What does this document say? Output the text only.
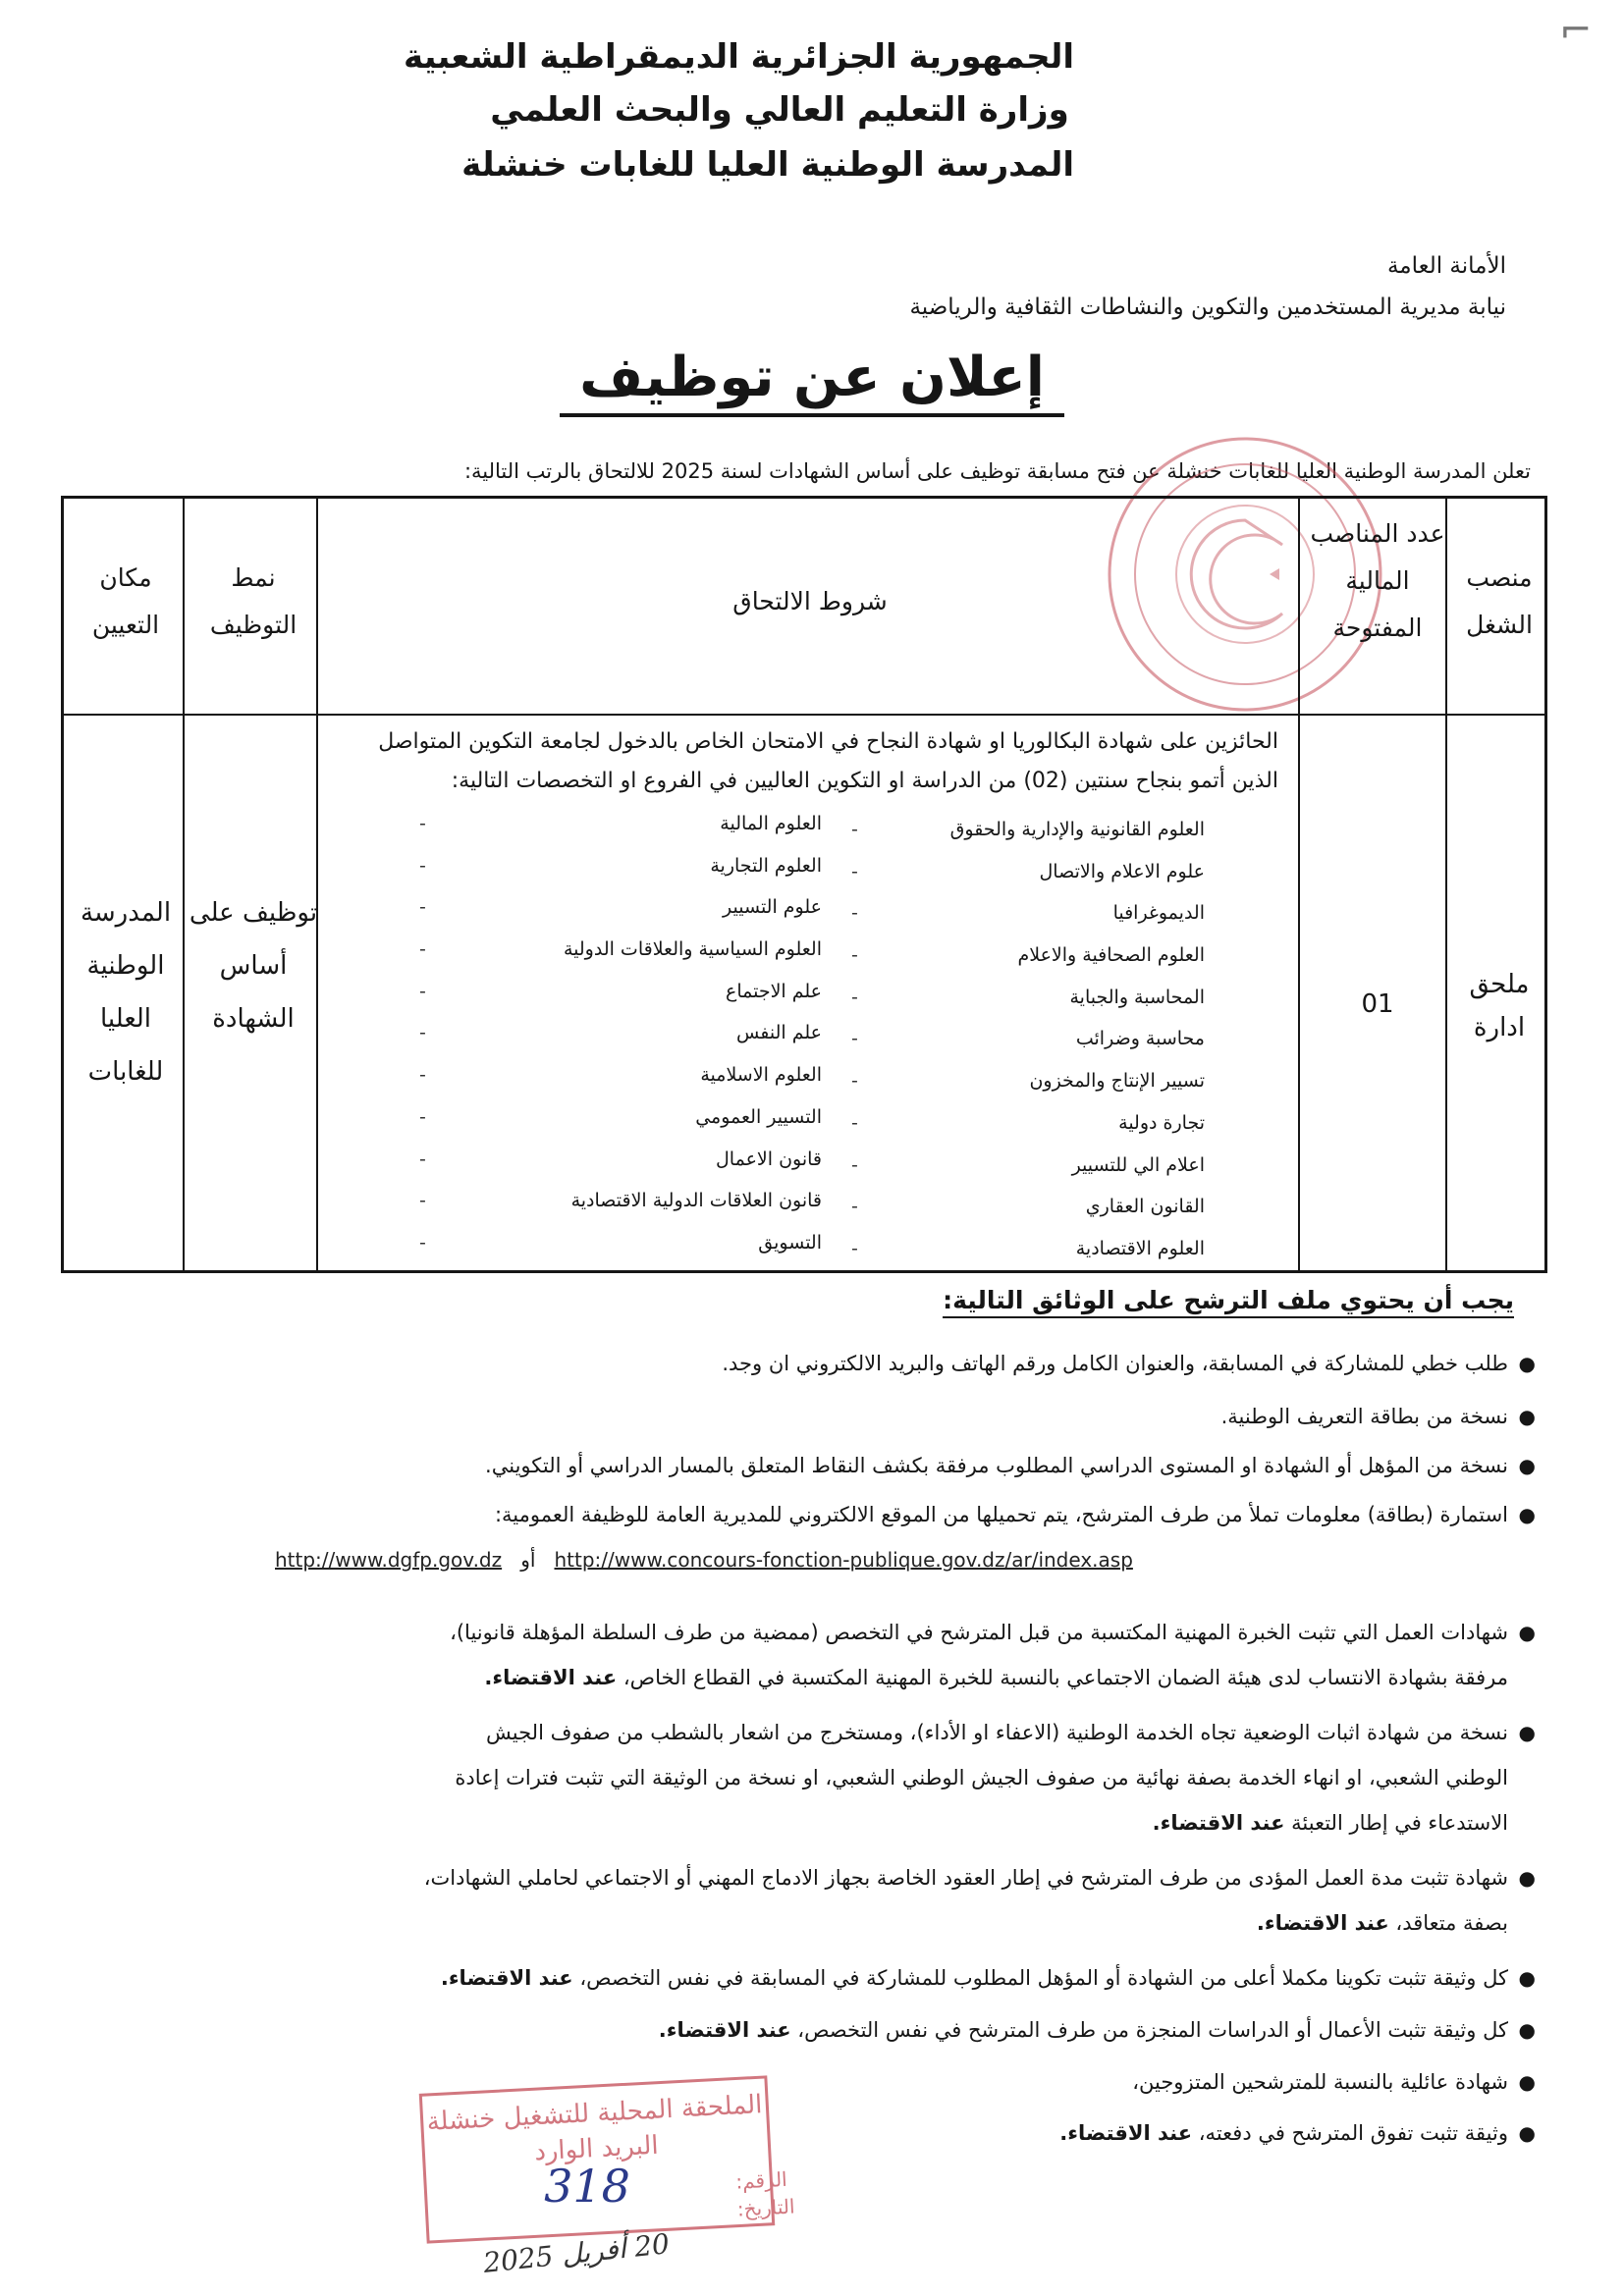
⌐
الجمهورية الجزائرية الديمقراطية الشعبية
وزارة التعليم العالي والبحث العلمي
المدرسة الوطنية العليا للغابات خنشلة
الأمانة العامة
نيابة مديرية المستخدمين والتكوين والنشاطات الثقافية والرياضية
إعلان عن توظيف
تعلن المدرسة الوطنية العليا للغابات خنشلة عن فتح مسابقة توظيف على أساس الشهادات لسنة 2025 للالتحاق بالرتب التالية:
منصب الشغل
عدد المناصب المالية المفتوحة
شروط الالتحاق
نمط التوظيف
مكان التعيين
ملحق ادارة
01
توظيف على أساس الشهادة
المدرسة الوطنية العليا للغابات
الحائزين على شهادة البكالوريا او شهادة النجاح في الامتحان الخاص بالدخول لجامعة التكوين المتواصل
الذين أتمو بنجاح سنتين (02) من الدراسة او التكوين العاليين في الفروع او التخصصات التالية:
العلوم القانونية والإدارية والحقوق -
علوم الاعلام والاتصال -
الديموغرافيا -
العلوم الصحافية والاعلام -
المحاسبة والجباية -
محاسبة وضرائب -
تسيير الإنتاج والمخزون -
تجارة دولية -
اعلام الي للتسيير -
القانون العقاري -
العلوم الاقتصادية -
العلوم المالية -
العلوم التجارية -
علوم التسيير -
العلوم السياسية والعلاقات الدولية -
علم الاجتماع -
علم النفس -
العلوم الاسلامية -
التسيير العمومي -
قانون الاعمال -
قانون العلاقات الدولية الاقتصادية -
التسويق -
يجب أن يحتوي ملف الترشح على الوثائق التالية:
●
طلب خطي للمشاركة في المسابقة، والعنوان الكامل ورقم الهاتف والبريد الالكتروني ان وجد.
●
نسخة من بطاقة التعريف الوطنية.
●
نسخة من المؤهل أو الشهادة او المستوى الدراسي المطلوب مرفقة بكشف النقاط المتعلق بالمسار الدراسي أو التكويني.
●
استمارة (بطاقة) معلومات تملأ من طرف المترشح، يتم تحميلها من الموقع الالكتروني للمديرية العامة للوظيفة العمومية:
http://www.dgfp.gov.dz أو http://www.concours-fonction-publique.gov.dz/ar/index.asp
●
شهادات العمل التي تثبت الخبرة المهنية المكتسبة من قبل المترشح في التخصص (ممضية من طرف السلطة المؤهلة قانونيا)،
مرفقة بشهادة الانتساب لدى هيئة الضمان الاجتماعي بالنسبة للخبرة المهنية المكتسبة في القطاع الخاص، عند الاقتضاء.
●
نسخة من شهادة اثبات الوضعية تجاه الخدمة الوطنية (الاعفاء او الأداء)، ومستخرج من اشعار بالشطب من صفوف الجيش
الوطني الشعبي، او انهاء الخدمة بصفة نهائية من صفوف الجيش الوطني الشعبي، او نسخة من الوثيقة التي تثبت فترات إعادة
الاستدعاء في إطار التعبئة عند الاقتضاء.
●
شهادة تثبت مدة العمل المؤدى من طرف المترشح في إطار العقود الخاصة بجهاز الادماج المهني أو الاجتماعي لحاملي الشهادات،
بصفة متعاقد، عند الاقتضاء.
●
كل وثيقة تثبت تكوينا مكملا أعلى من الشهادة أو المؤهل المطلوب للمشاركة في المسابقة في نفس التخصص، عند الاقتضاء.
●
كل وثيقة تثبت الأعمال أو الدراسات المنجزة من طرف المترشح في نفس التخصص، عند الاقتضاء.
●
شهادة عائلية بالنسبة للمترشحين المتزوجين،
●
وثيقة تثبت تفوق المترشح في دفعته، عند الاقتضاء.
الملحقة المحلية للتشغيل خنشلة
البريد الوارد
الرقم:
التاريخ:
318
20 أفريل 2025
